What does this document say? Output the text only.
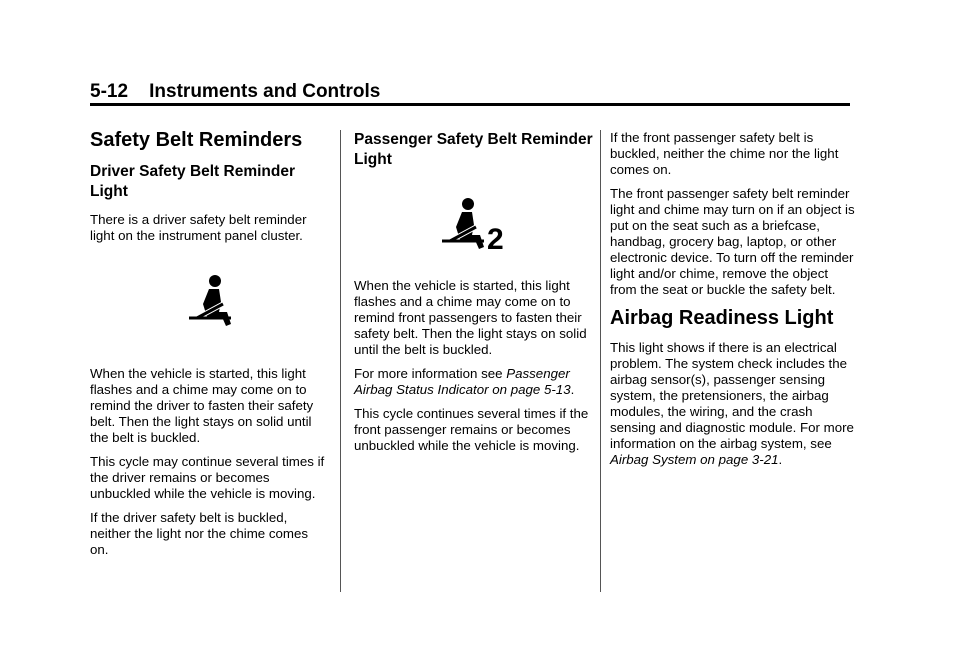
5-12 Instruments and Controls
Safety Belt Reminders
Driver Safety Belt Reminder Light

There is a driver safety belt reminder light on the instrument panel cluster.

When the vehicle is started, this light flashes and a chime may come on to remind the driver to fasten their safety belt. Then the light stays on solid until the belt is buckled.

This cycle may continue several times if the driver remains or becomes unbuckled while the vehicle is moving.

If the driver safety belt is buckled, neither the light nor the chime comes on.

Passenger Safety Belt Reminder Light
2

When the vehicle is started, this light flashes and a chime may come on to remind front passengers to fasten their safety belt. Then the light stays on solid until the belt is buckled.

For more information see Passenger Airbag Status Indicator on page 5-13.

This cycle continues several times if the front passenger remains or becomes unbuckled while the vehicle is moving.

If the front passenger safety belt is buckled, neither the chime nor the light comes on.

The front passenger safety belt reminder light and chime may turn on if an object is put on the seat such as a briefcase, handbag, grocery bag, laptop, or other electronic device. To turn off the reminder light and/or chime, remove the object from the seat or buckle the safety belt.

Airbag Readiness Light

This light shows if there is an electrical problem. The system check includes the airbag sensor(s), passenger sensing system, the pretensioners, the airbag modules, the wiring, and the crash sensing and diagnostic module. For more information on the airbag system, see Airbag System on page 3-21.
